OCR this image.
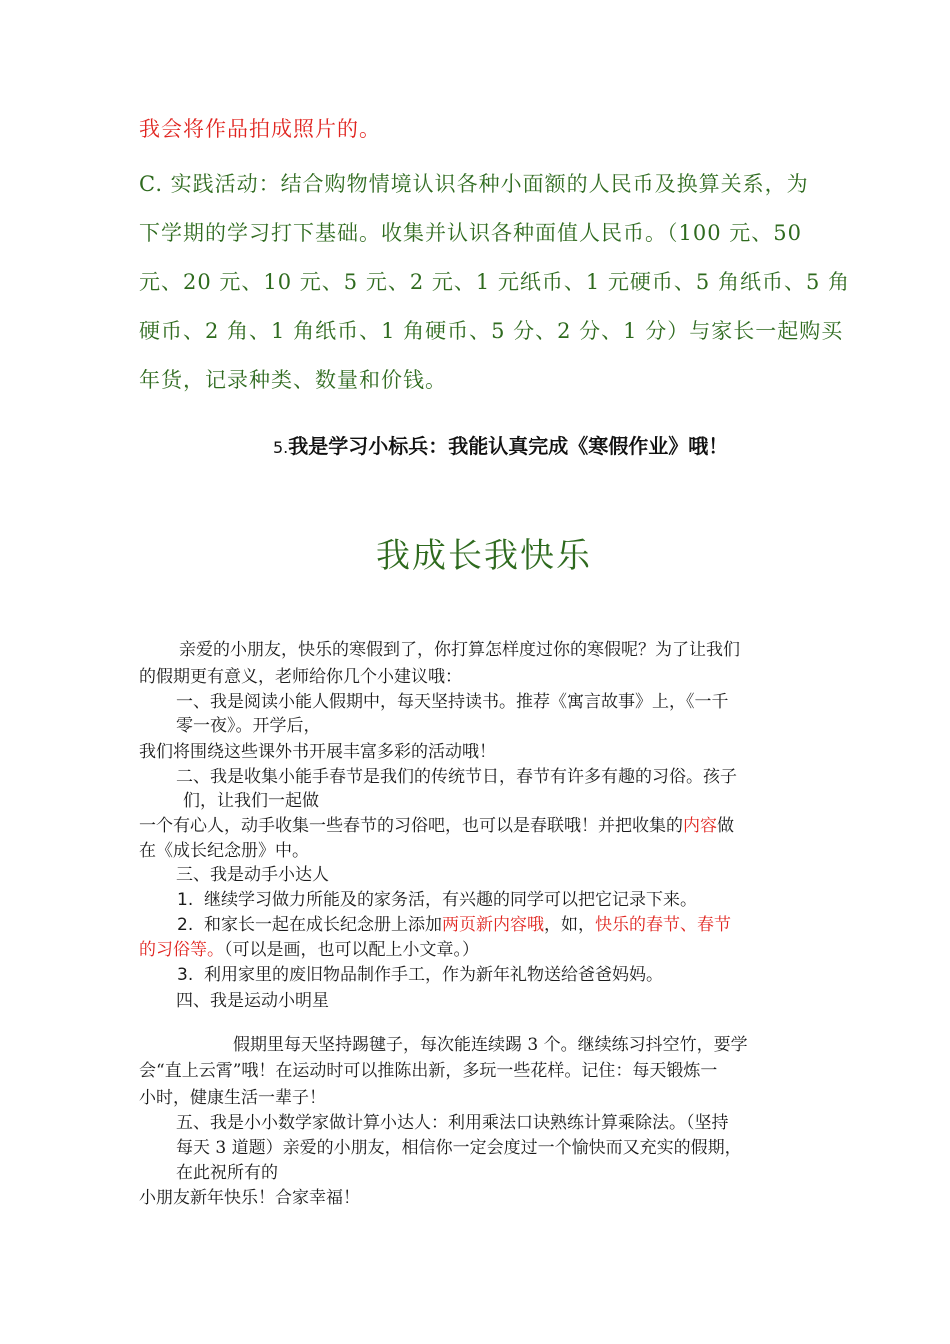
我会将作品拍成照片的。
C. 实践活动：结合购物情境认识各种小面额的人民币及换算关系，为
下学期的学习打下基础。收集并认识各种面值人民币。（100 元、50
元、20 元、10 元、5 元、2 元、1 元纸币、1 元硬币、5 角纸币、5 角
硬币、2 角、1 角纸币、1 角硬币、5 分、2 分、1 分）与家长一起购买
年货，记录种类、数量和价钱。
5.我是学习小标兵：我能认真完成《寒假作业》哦！
我成长我快乐
亲爱的小朋友，快乐的寒假到了，你打算怎样度过你的寒假呢？为了让我们
的假期更有意义，老师给你几个小建议哦：
一、我是阅读小能人假期中，每天坚持读书。推荐《寓言故事》上，《一千
零一夜》。开学后，
我们将围绕这些课外书开展丰富多彩的活动哦！
二、我是收集小能手春节是我们的传统节日，春节有许多有趣的习俗。孩子
们，让我们一起做
一个有心人，动手收集一些春节的习俗吧，也可以是春联哦！并把收集的内容做
在《成长纪念册》中。
三、我是动手小达人
1. 继续学习做力所能及的家务活，有兴趣的同学可以把它记录下来。
2. 和家长一起在成长纪念册上添加两页新内容哦，如，快乐的春节、春节
的习俗等。（可以是画，也可以配上小文章。）
3. 利用家里的废旧物品制作手工，作为新年礼物送给爸爸妈妈。
四、我是运动小明星
假期里每天坚持踢毽子，每次能连续踢 3 个。继续练习抖空竹，要学
会“直上云霄”哦！在运动时可以推陈出新，多玩一些花样。记住：每天锻炼一
小时，健康生活一辈子！
五、我是小小数学家做计算小达人：利用乘法口诀熟练计算乘除法。（坚持
每天 3 道题）亲爱的小朋友，相信你一定会度过一个愉快而又充实的假期，
在此祝所有的
小朋友新年快乐！合家幸福！
